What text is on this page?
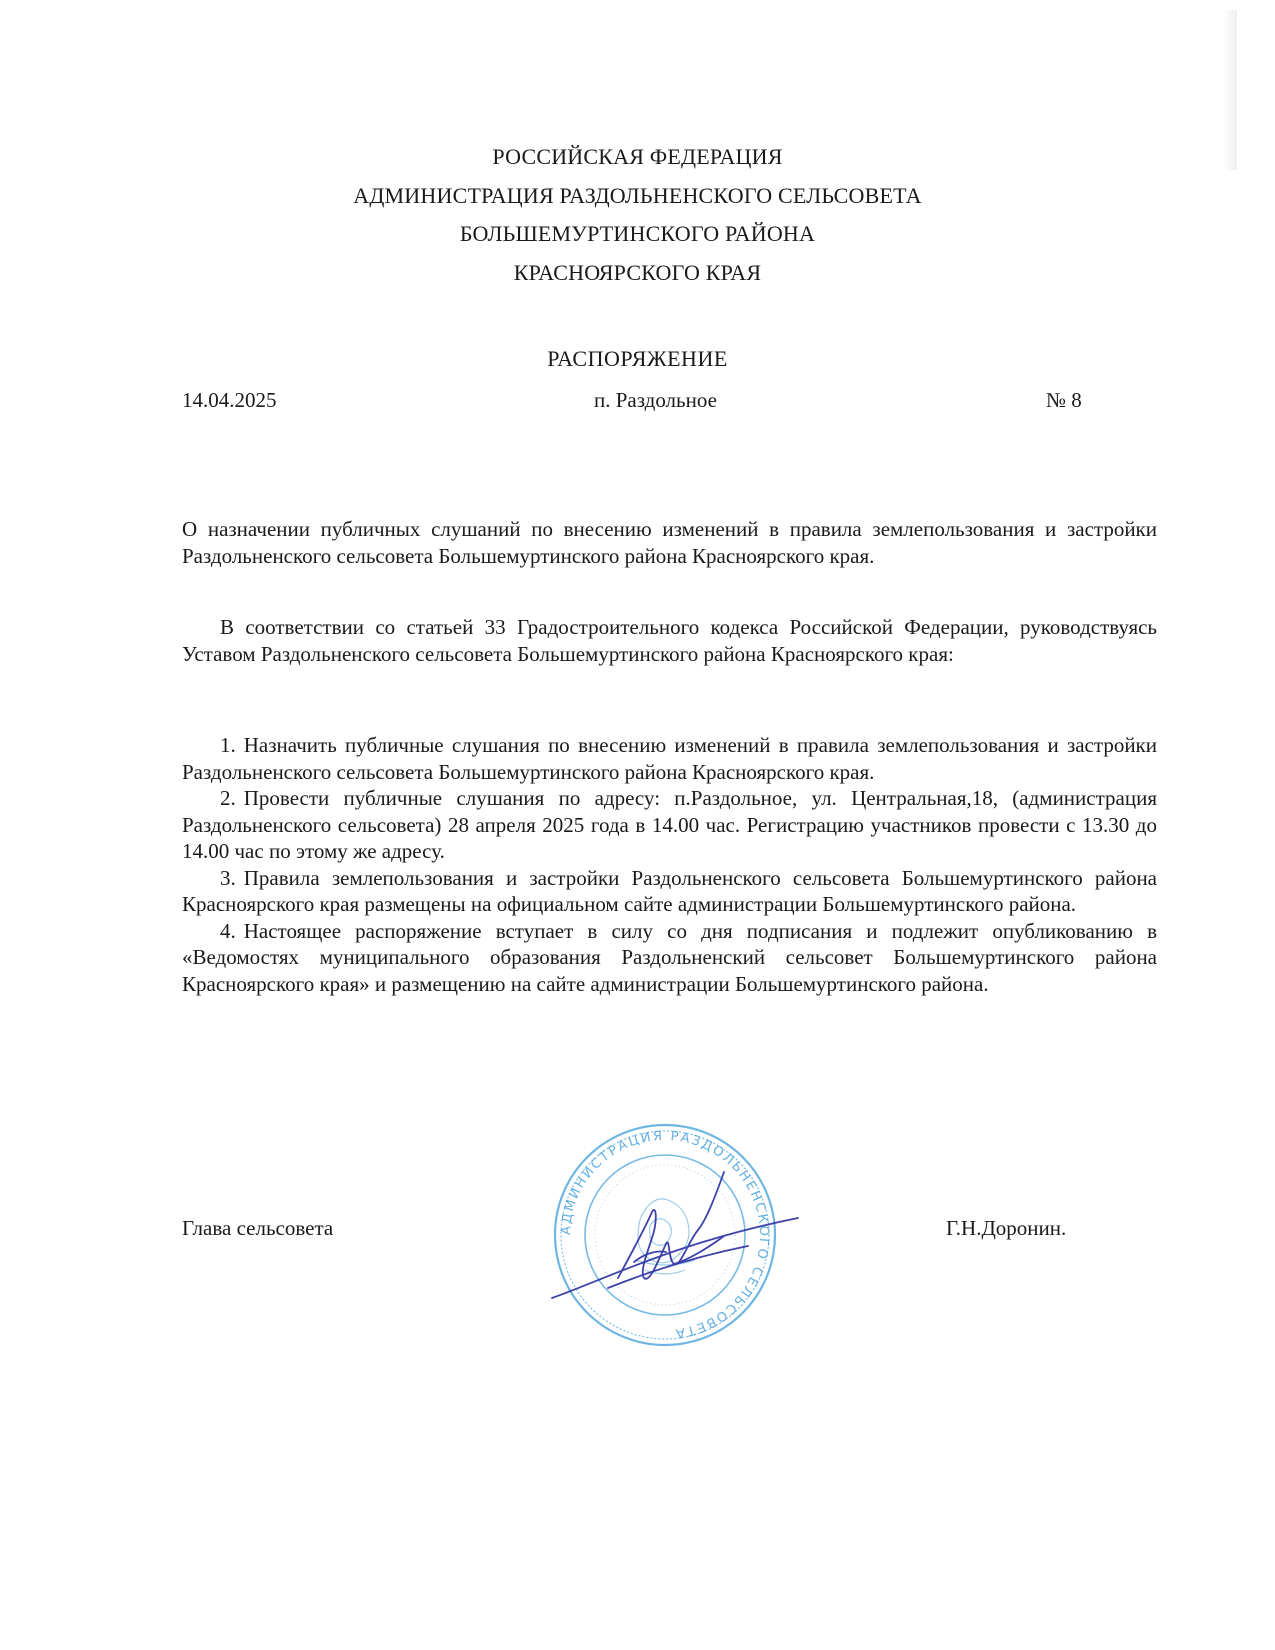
РОССИЙСКАЯ ФЕДЕРАЦИЯ
АДМИНИСТРАЦИЯ РАЗДОЛЬНЕНСКОГО СЕЛЬСОВЕТА
БОЛЬШЕМУРТИНСКОГО РАЙОНА
КРАСНОЯРСКОГО КРАЯ
РАСПОРЯЖЕНИЕ
14.04.2025	п. Раздольное	№ 8
О назначении публичных слушаний по внесению изменений в правила землепользования и застройки Раздольненского сельсовета Большемуртинского района Красноярского края.
В соответствии со статьей 33 Градостроительного кодекса Российской Федерации, руководствуясь Уставом Раздольненского сельсовета Большемуртинского района Красноярского края:

1. Назначить публичные слушания по внесению изменений в правила землепользования и застройки Раздольненского сельсовета Большемуртинского района Красноярского края.

2. Провести публичные слушания по адресу: п.Раздольное, ул. Центральная,18, (администрация Раздольненского сельсовета) 28 апреля 2025 года в 14.00 час. Регистрацию участников провести с 13.30 до 14.00 час по этому же адресу.

3. Правила землепользования и застройки Раздольненского сельсовета Большемуртинского района Красноярского края размещены на официальном сайте администрации Большемуртинского района.

4. Настоящее распоряжение вступает в силу со дня подписания и подлежит опубликованию в «Ведомостях муниципального образования Раздольненский сельсовет Большемуртинского района Красноярского края» и размещению на сайте администрации Большемуртинского района.

Глава сельсовета	Г.Н.Доронин.
АДМИНИСТРАЦИЯ РАЗДОЛЬНЕНСКОГО СЕЛЬСОВЕТА
